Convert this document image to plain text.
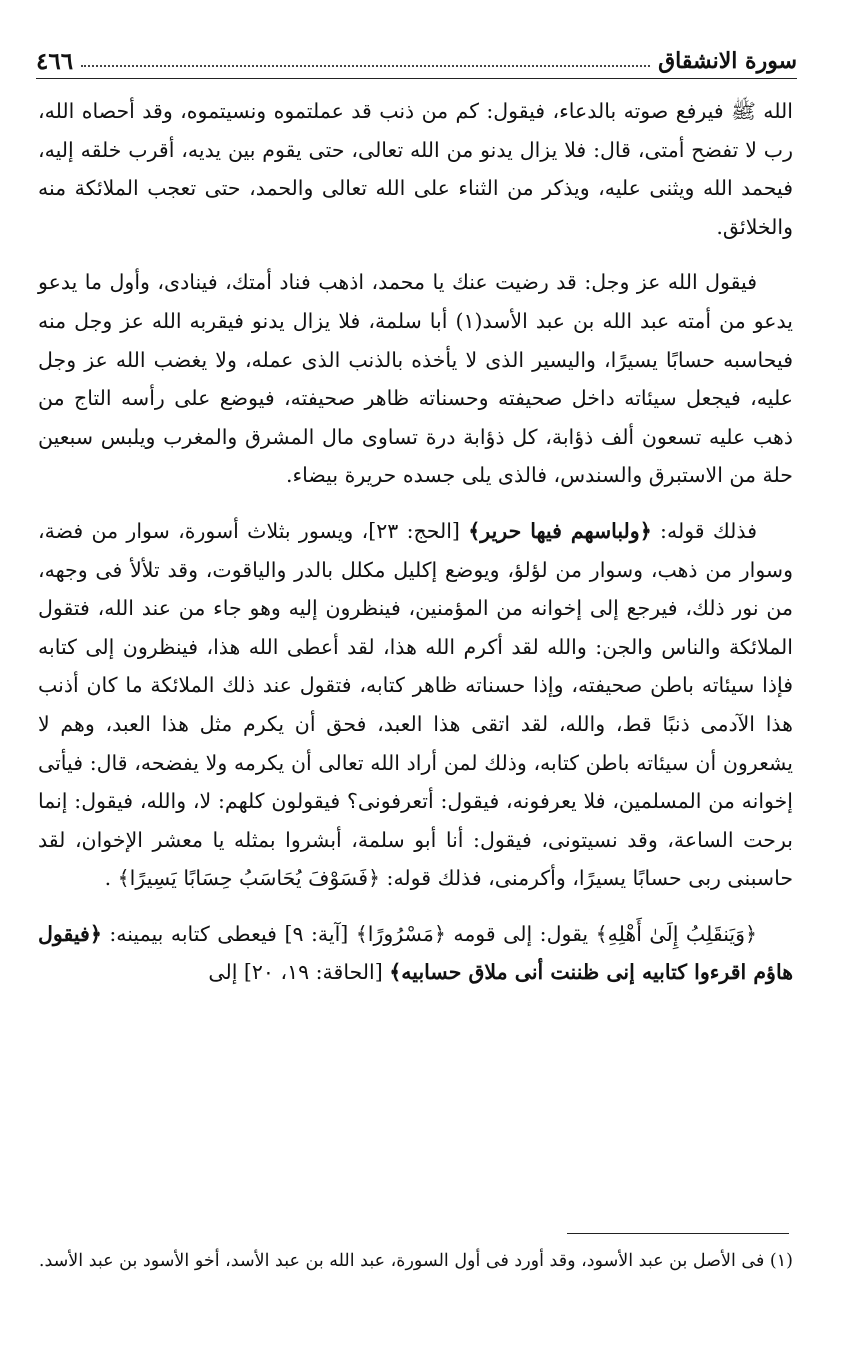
سورة الانشقاق
٤٦٦

الله ﷺ فيرفع صوته بالدعاء، فيقول: كم من ذنب قد عملتموه ونسيتموه، وقد أحصاه الله، رب لا تفضح أمتى، قال: فلا يزال يدنو من الله تعالى، حتى يقوم بين يديه، أقرب خلقه إليه، فيحمد الله ويثنى عليه، ويذكر من الثناء على الله تعالى والحمد، حتى تعجب الملائكة منه والخلائق.

فيقول الله عز وجل: قد رضيت عنك يا محمد، اذهب فناد أمتك، فينادى، وأول ما يدعو يدعو من أمته عبد الله بن عبد الأسد(١) أبا سلمة، فلا يزال يدنو فيقربه الله عز وجل منه فيحاسبه حسابًا يسيرًا، واليسير الذى لا يأخذه بالذنب الذى عمله، ولا يغضب الله عز وجل عليه، فيجعل سيئاته داخل صحيفته وحسناته ظاهر صحيفته، فيوضع على رأسه التاج من ذهب عليه تسعون ألف ذؤابة، كل ذؤابة درة تساوى مال المشرق والمغرب ويلبس سبعين حلة من الاستبرق والسندس، فالذى يلى جسده حريرة بيضاء.

فذلك قوله: ﴿ولباسهم فيها حرير﴾ [الحج: ٢٣]، ويسور بثلاث أسورة، سوار من فضة، وسوار من ذهب، وسوار من لؤلؤ، ويوضع إكليل مكلل بالدر والياقوت، وقد تلألأ فى وجهه، من نور ذلك، فيرجع إلى إخوانه من المؤمنين، فينظرون إليه وهو جاء من عند الله، فتقول الملائكة والناس والجن: والله لقد أكرم الله هذا، لقد أعطى الله هذا، فينظرون إلى كتابه فإذا سيئاته باطن صحيفته، وإذا حسناته ظاهر كتابه، فتقول عند ذلك الملائكة ما كان أذنب هذا الآدمى ذنبًا قط، والله، لقد اتقى هذا العبد، فحق أن يكرم مثل هذا العبد، وهم لا يشعرون أن سيئاته باطن كتابه، وذلك لمن أراد الله تعالى أن يكرمه ولا يفضحه، قال: فيأتى إخوانه من المسلمين، فلا يعرفونه، فيقول: أتعرفونى؟ فيقولون كلهم: لا، والله، فيقول: إنما برحت الساعة، وقد نسيتونى، فيقول: أنا أبو سلمة، أبشروا بمثله يا معشر الإخوان، لقد حاسبنى ربى حسابًا يسيرًا، وأكرمنى، فذلك قوله: ﴿فَسَوْفَ يُحَاسَبُ حِسَابًا يَسِيرًا﴾ .

﴿وَيَنقَلِبُ إِلَىٰ أَهْلِهِ﴾ يقول: إلى قومه ﴿مَسْرُورًا﴾ [آية: ٩] فيعطى كتابه بيمينه: ﴿فيقول هاؤم اقرءوا كتابيه إنى ظننت أنى ملاق حسابيه﴾ [الحاقة: ١٩، ٢٠] إلى

(١) فى الأصل بن عبد الأسود، وقد أورد فى أول السورة، عبد الله بن عبد الأسد، أخو الأسود بن عبد الأسد.
